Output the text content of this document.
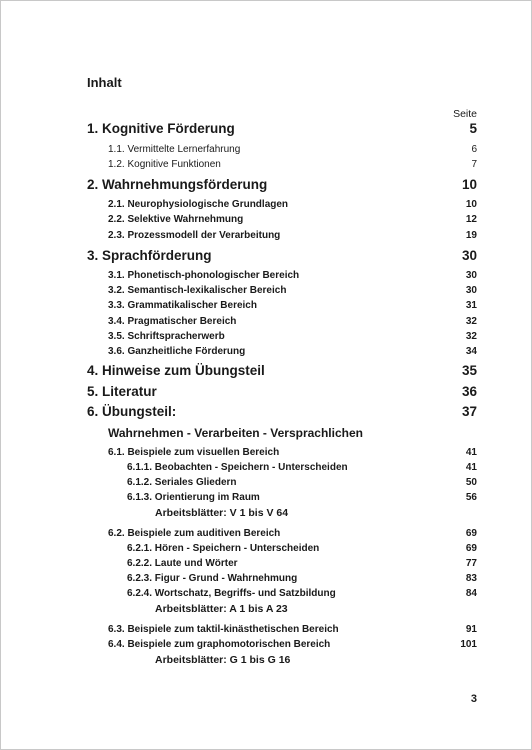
Inhalt
Seite
1. Kognitive Förderung	5
1.1. Vermittelte Lernerfahrung	6
1.2. Kognitive Funktionen	7
2. Wahrnehmungsförderung	10
2.1. Neurophysiologische Grundlagen	10
2.2. Selektive Wahrnehmung	12
2.3. Prozessmodell der Verarbeitung	19
3. Sprachförderung	30
3.1. Phonetisch-phonologischer Bereich	30
3.2. Semantisch-lexikalischer Bereich	30
3.3. Grammatikalischer Bereich	31
3.4. Pragmatischer Bereich	32
3.5. Schriftspracherwerb	32
3.6. Ganzheitliche Förderung	34
4. Hinweise zum Übungsteil	35
5. Literatur	36
6. Übungsteil:	37
Wahrnehmen - Verarbeiten - Versprachlichen
6.1. Beispiele zum visuellen Bereich	41
6.1.1. Beobachten - Speichern - Unterscheiden	41
6.1.2. Seriales Gliedern	50
6.1.3. Orientierung im Raum	56
Arbeitsblätter: V 1 bis V 64
6.2. Beispiele zum auditiven Bereich	69
6.2.1. Hören - Speichern - Unterscheiden	69
6.2.2. Laute und Wörter	77
6.2.3. Figur - Grund - Wahrnehmung	83
6.2.4. Wortschatz, Begriffs- und Satzbildung	84
Arbeitsblätter: A 1 bis A 23
6.3. Beispiele zum taktil-kinästhetischen Bereich	91
6.4. Beispiele zum graphomotorischen Bereich	101
Arbeitsblätter: G 1 bis G 16
3
